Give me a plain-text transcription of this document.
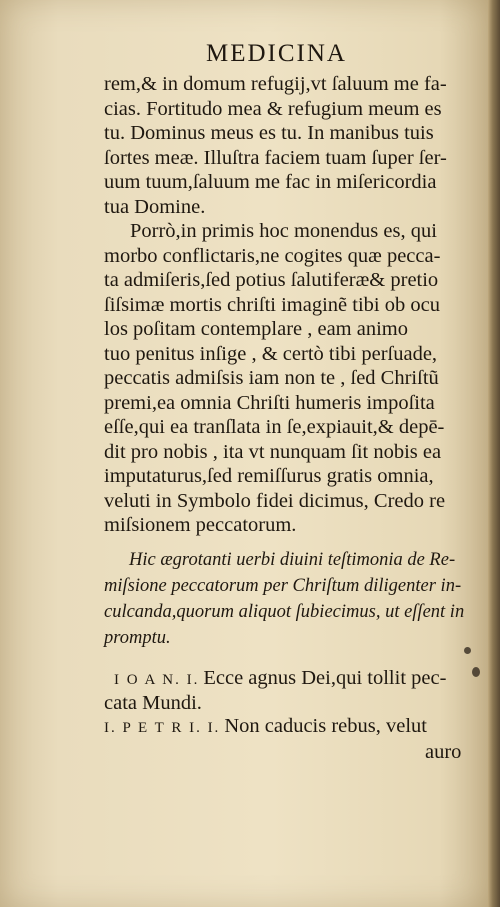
MEDICINA
rem,& in domum refugij,vt ſaluum me fa-
cias. Fortitudo mea & refugium meum es
tu. Dominus meus es tu. In manibus tuis
ſortes meæ. Illuſtra faciem tuam ſuper ſer-
uum tuum,ſaluum me fac in miſericordia
tua Domine.
Porrò,in primis hoc monendus es, qui
morbo conflictaris,ne cogites quæ pecca-
ta admiſeris,ſed potius ſalutiferæ& pretio
ſiſsimæ mortis chriſti imaginẽ tibi ob ocu
los poſitam contemplare , eam animo
tuo penitus inſige , & certò tibi perſuade,
peccatis admiſsis iam non te , ſed Chriſtũ
premi,ea omnia Chriſti humeris impoſita
eſſe,qui ea tranſlata in ſe,expiauit,& depē-
dit pro nobis , ita vt nunquam ſit nobis ea
imputaturus,ſed remiſſurus gratis omnia,
veluti in Symbolo fidei dicimus, Credo re
miſsionem peccatorum.
Hic ægrotanti uerbi diuini teſtimonia de Re-
miſsione peccatorum per Chriſtum diligenter in-
culcanda,quorum aliquot ſubiecimus, ut eſſent in
promptu.
I O A N. I. Ecce agnus Dei,qui tollit pec-
cata Mundi.
I. P E T R I. I. Non caducis rebus, velut
auro
